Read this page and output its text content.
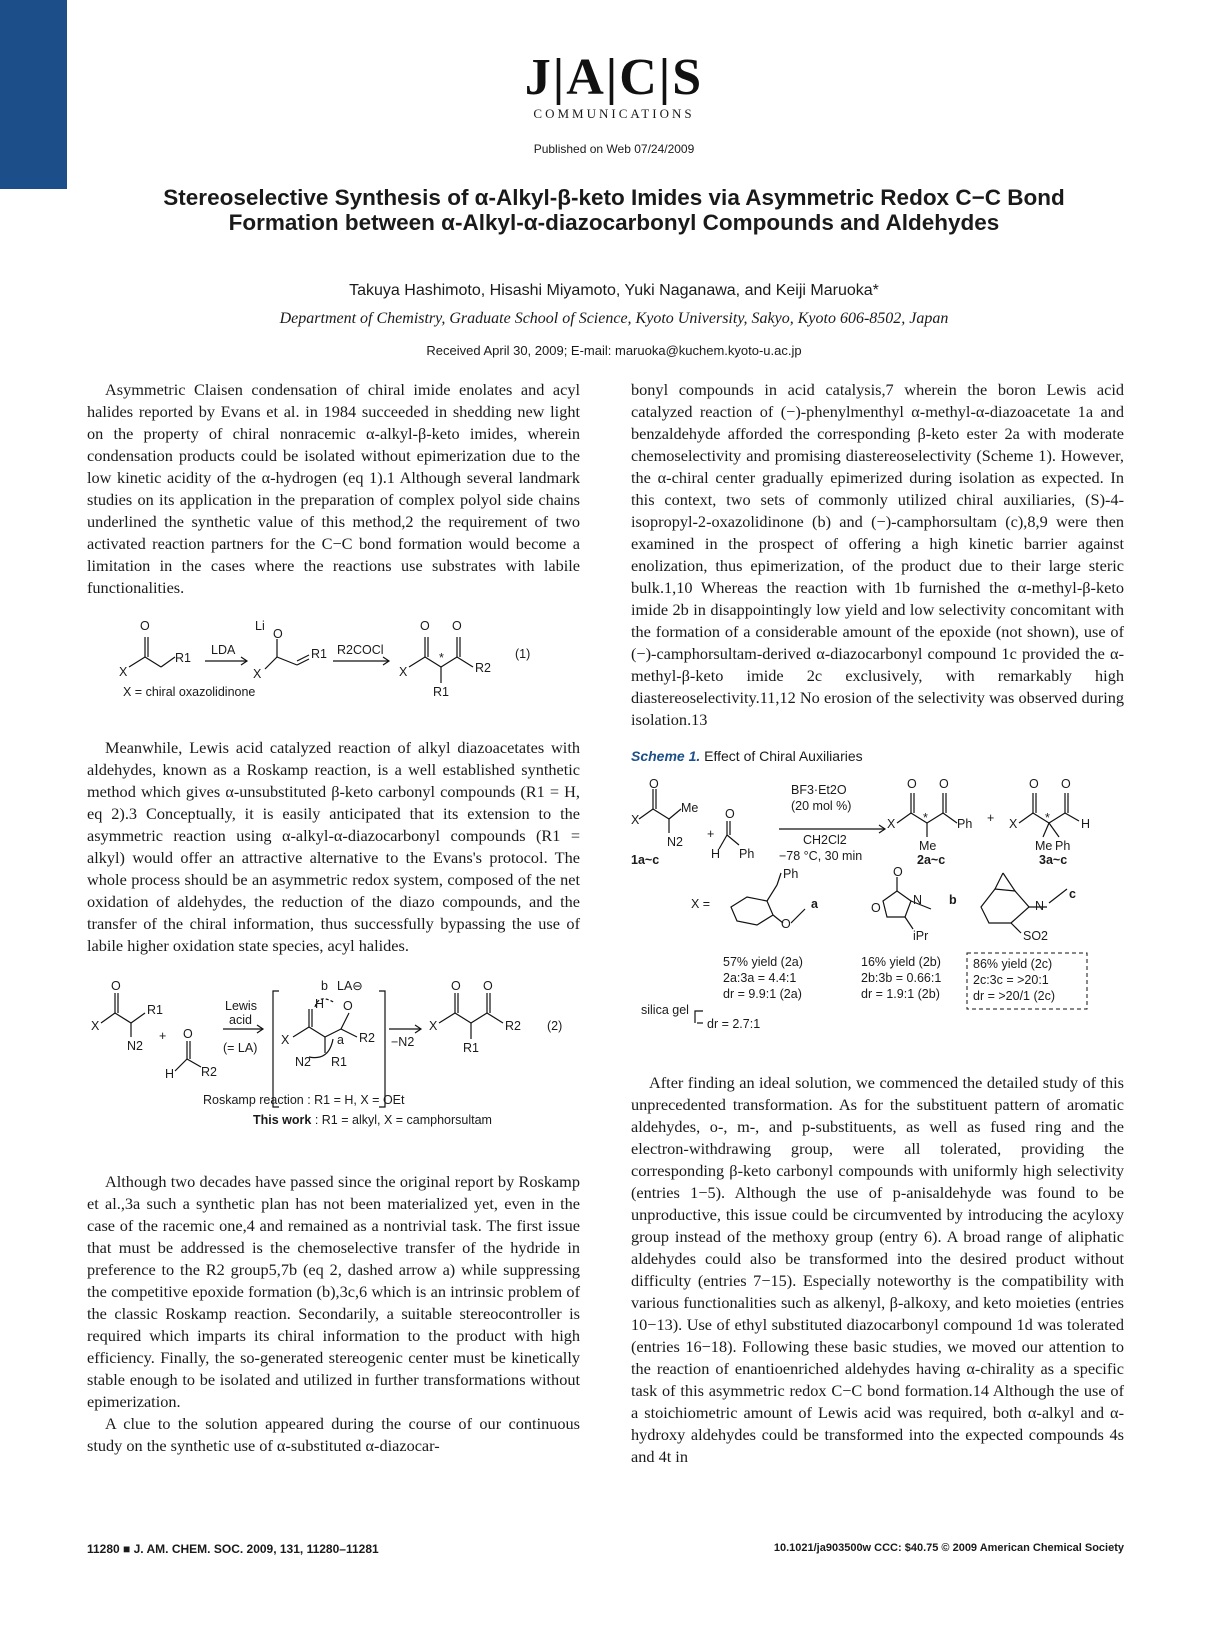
J|A|C|S
COMMUNICATIONS
Published on Web 07/24/2009
Stereoselective Synthesis of α-Alkyl-β-keto Imides via Asymmetric Redox C−C Bond Formation between α-Alkyl-α-diazocarbonyl Compounds and Aldehydes
Takuya Hashimoto, Hisashi Miyamoto, Yuki Naganawa, and Keiji Maruoka*
Department of Chemistry, Graduate School of Science, Kyoto University, Sakyo, Kyoto 606-8502, Japan
Received April 30, 2009; E-mail: maruoka@kuchem.kyoto-u.ac.jp

Asymmetric Claisen condensation of chiral imide enolates and acyl halides reported by Evans et al. in 1984 succeeded in shedding new light on the property of chiral nonracemic α-alkyl-β-keto imides, wherein condensation products could be isolated without epimerization due to the low kinetic acidity of the α-hydrogen (eq 1).1 Although several landmark studies on its application in the preparation of complex polyol side chains underlined the synthetic value of this method,2 the requirement of two activated reaction partners for the C−C bond formation would become a limitation in the cases where the reactions use substrates with labile functionalities.

O
X
R1
LDA
Li
O
X
R1 R2COCl
O O
X
*
R2
R1
(1)
X = chiral oxazolidinone

Meanwhile, Lewis acid catalyzed reaction of alkyl diazoacetates with aldehydes, known as a Roskamp reaction, is a well established synthetic method which gives α-unsubstituted β-keto carbonyl compounds (R1 = H, eq 2).3 Conceptually, it is easily anticipated that its extension to the asymmetric reaction using α-alkyl-α-diazocarbonyl compounds (R1 = alkyl) would offer an attractive alternative to the Evans's protocol. The whole process should be an asymmetric redox system, composed of the net oxidation of aldehydes, the reduction of the diazo compounds, and the transfer of the chiral information, thus successfully bypassing the use of labile higher oxidation state species, acyl halides.

O
X
R1
N2
+ O
H R2
Lewis
acid
(= LA)
b LA⊖
H O
X	a R2
N2 R1
−N2
O O
X	R2
R1
(2)
Roskamp reaction : R1 = H, X = OEt
This work : R1 = alkyl, X = camphorsultam

Although two decades have passed since the original report by Roskamp et al.,3a such a synthetic plan has not been materialized yet, even in the case of the racemic one,4 and remained as a nontrivial task. The first issue that must be addressed is the chemoselective transfer of the hydride in preference to the R2 group5,7b (eq 2, dashed arrow a) while suppressing the competitive epoxide formation (b),3c,6 which is an intrinsic problem of the classic Roskamp reaction. Secondarily, a suitable stereocontroller is required which imparts its chiral information to the product with high efficiency. Finally, the so-generated stereogenic center must be kinetically stable enough to be isolated and utilized in further transformations without epimerization.

A clue to the solution appeared during the course of our continuous study on the synthetic use of α-substituted α-diazocar-

bonyl compounds in acid catalysis,7 wherein the boron Lewis acid catalyzed reaction of (−)-phenylmenthyl α-methyl-α-diazoacetate 1a and benzaldehyde afforded the corresponding β-keto ester 2a with moderate chemoselectivity and promising diastereoselectivity (Scheme 1). However, the α-chiral center gradually epimerized during isolation as expected. In this context, two sets of commonly utilized chiral auxiliaries, (S)-4-isopropyl-2-oxazolidinone (b) and (−)-camphorsultam (c),8,9 were then examined in the prospect of offering a high kinetic barrier against enolization, thus epimerization, of the product due to their large steric bulk.1,10 Whereas the reaction with 1b furnished the α-methyl-β-keto imide 2b in disappointingly low yield and low selectivity concomitant with the formation of a considerable amount of the epoxide (not shown), use of (−)-camphorsultam-derived α-diazocarbonyl compound 1c provided the α-methyl-β-keto imide 2c exclusively, with remarkably high diastereoselectivity.11,12 No erosion of the selectivity was observed during isolation.13

Scheme 1. Effect of Chiral Auxiliaries
O
X
Me
N2
+
O
H Ph
1a~c
BF3·Et2O
(20 mol %)
CH2Cl2
−78 °C, 30 min
O O
X * Ph
Me
2a~c
+
O O
X * H
Me Ph
3a~c
X =
Ph
O
a
O
O
N
iPr
b	N
SO2
c
57% yield (2a)
2a:3a = 4.4:1
dr = 9.9:1 (2a)
silica gel
dr = 2.7:1
16% yield (2b)
2b:3b = 0.66:1
dr = 1.9:1 (2b)
86% yield (2c)
2c:3c = >20:1
dr = >20/1 (2c)

After finding an ideal solution, we commenced the detailed study of this unprecedented transformation. As for the substituent pattern of aromatic aldehydes, o-, m-, and p-substituents, as well as fused ring and the electron-withdrawing group, were all tolerated, providing the corresponding β-keto carbonyl compounds with uniformly high selectivity (entries 1−5). Although the use of p-anisaldehyde was found to be unproductive, this issue could be circumvented by introducing the acyloxy group instead of the methoxy group (entry 6). A broad range of aliphatic aldehydes could also be transformed into the desired product without difficulty (entries 7−15). Especially noteworthy is the compatibility with various functionalities such as alkenyl, β-alkoxy, and keto moieties (entries 10−13). Use of ethyl substituted diazocarbonyl compound 1d was tolerated (entries 16−18). Following these basic studies, we moved our attention to the reaction of enantioenriched aldehydes having α-chirality as a specific task of this asymmetric redox C−C bond formation.14 Although the use of a stoichiometric amount of Lewis acid was required, both α-alkyl and α-hydroxy aldehydes could be transformed into the expected compounds 4s and 4t in

11280 ■ J. AM. CHEM. SOC. 2009, 131, 11280–11281	10.1021/ja903500w CCC: $40.75 © 2009 American Chemical Society
